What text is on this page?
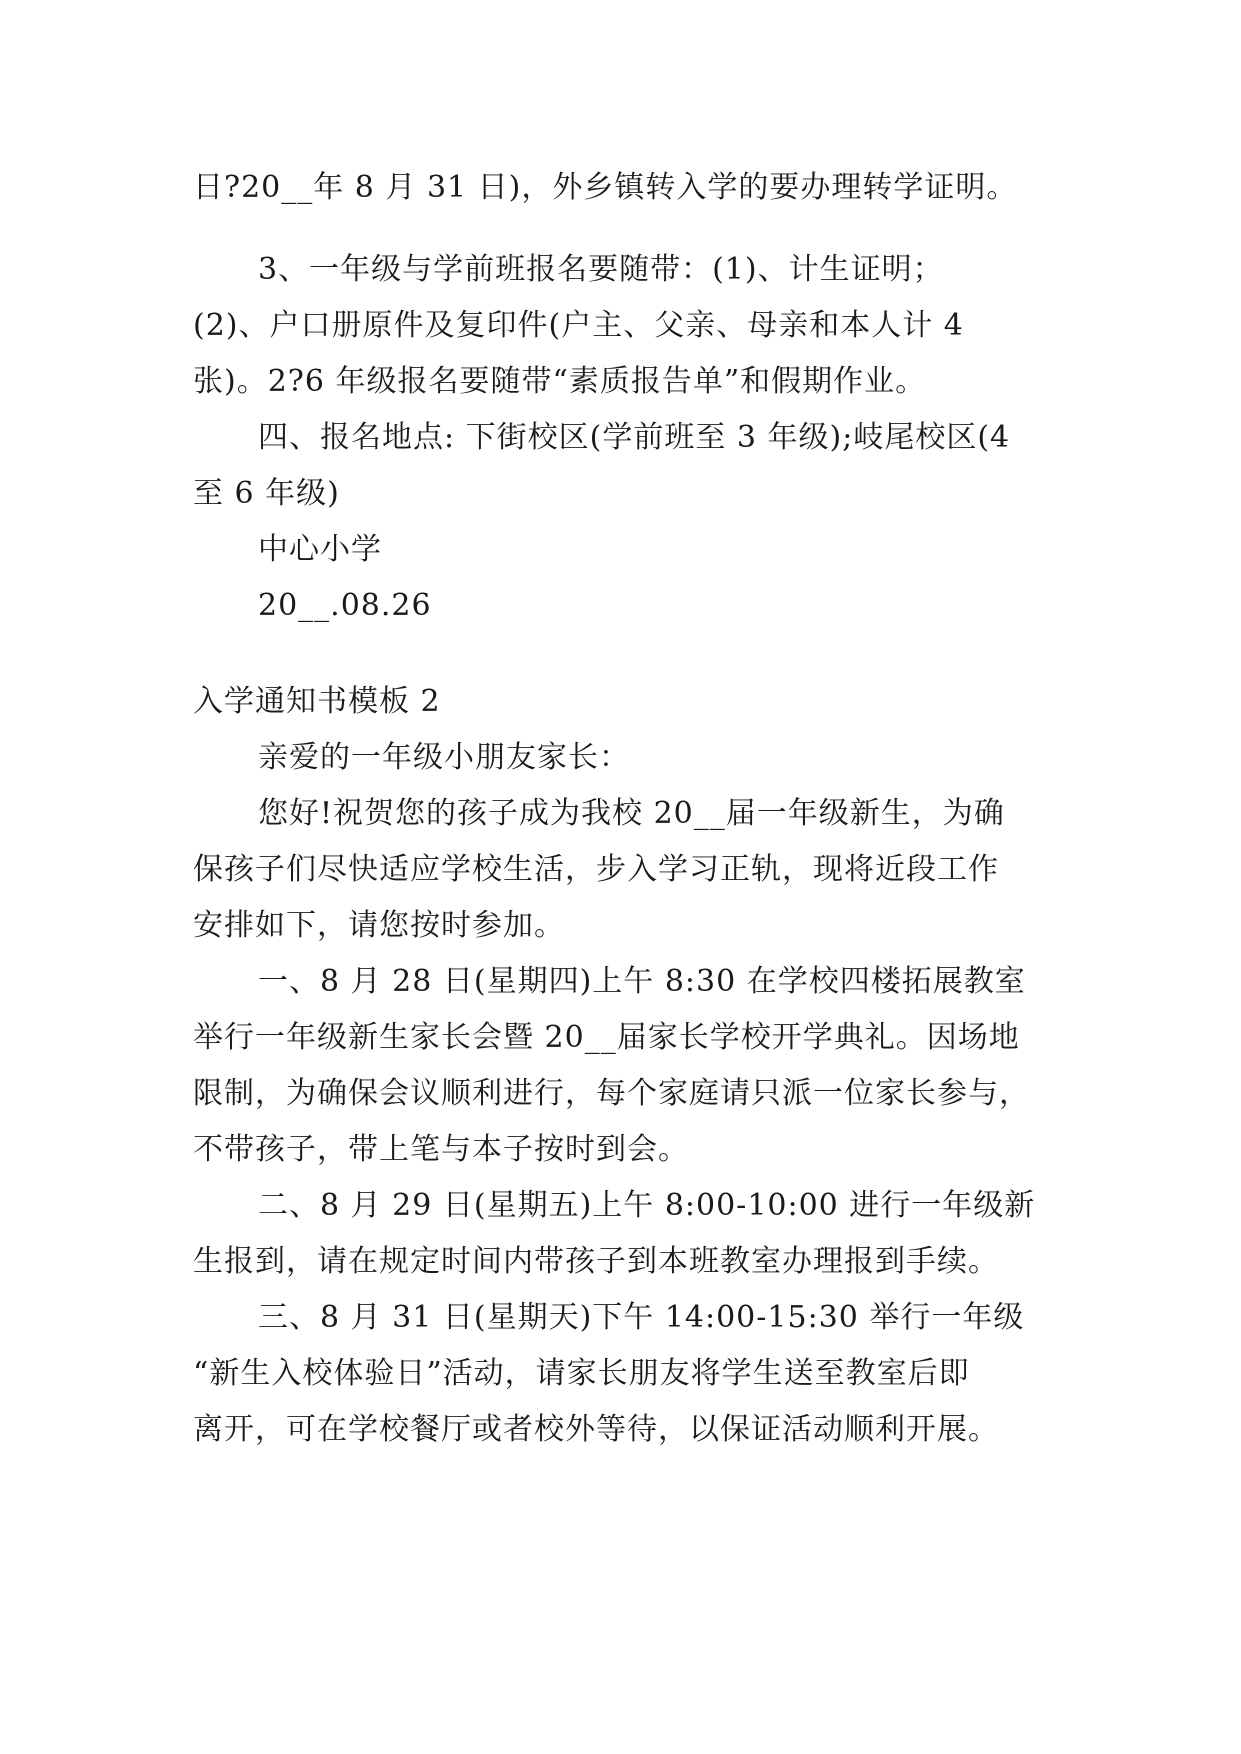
日?20__年 8 月 31 日)，外乡镇转入学的要办理转学证明。
3、一年级与学前班报名要随带：(1)、计生证明；
(2)、户口册原件及复印件(户主、父亲、母亲和本人计 4
张)。2?6 年级报名要随带“素质报告单”和假期作业。
四、报名地点: 下街校区(学前班至 3 年级);岐尾校区(4
至 6 年级)
中心小学
20__.08.26
入学通知书模板 2
亲爱的一年级小朋友家长：
您好!祝贺您的孩子成为我校 20__届一年级新生，为确
保孩子们尽快适应学校生活，步入学习正轨，现将近段工作
安排如下，请您按时参加。
一、8 月 28 日(星期四)上午 8:30 在学校四楼拓展教室
举行一年级新生家长会暨 20__届家长学校开学典礼。因场地
限制，为确保会议顺利进行，每个家庭请只派一位家长参与，
不带孩子，带上笔与本子按时到会。
二、8 月 29 日(星期五)上午 8:00-10:00 进行一年级新
生报到，请在规定时间内带孩子到本班教室办理报到手续。
三、8 月 31 日(星期天)下午 14:00-15:30 举行一年级
“新生入校体验日”活动，请家长朋友将学生送至教室后即
离开，可在学校餐厅或者校外等待，以保证活动顺利开展。
